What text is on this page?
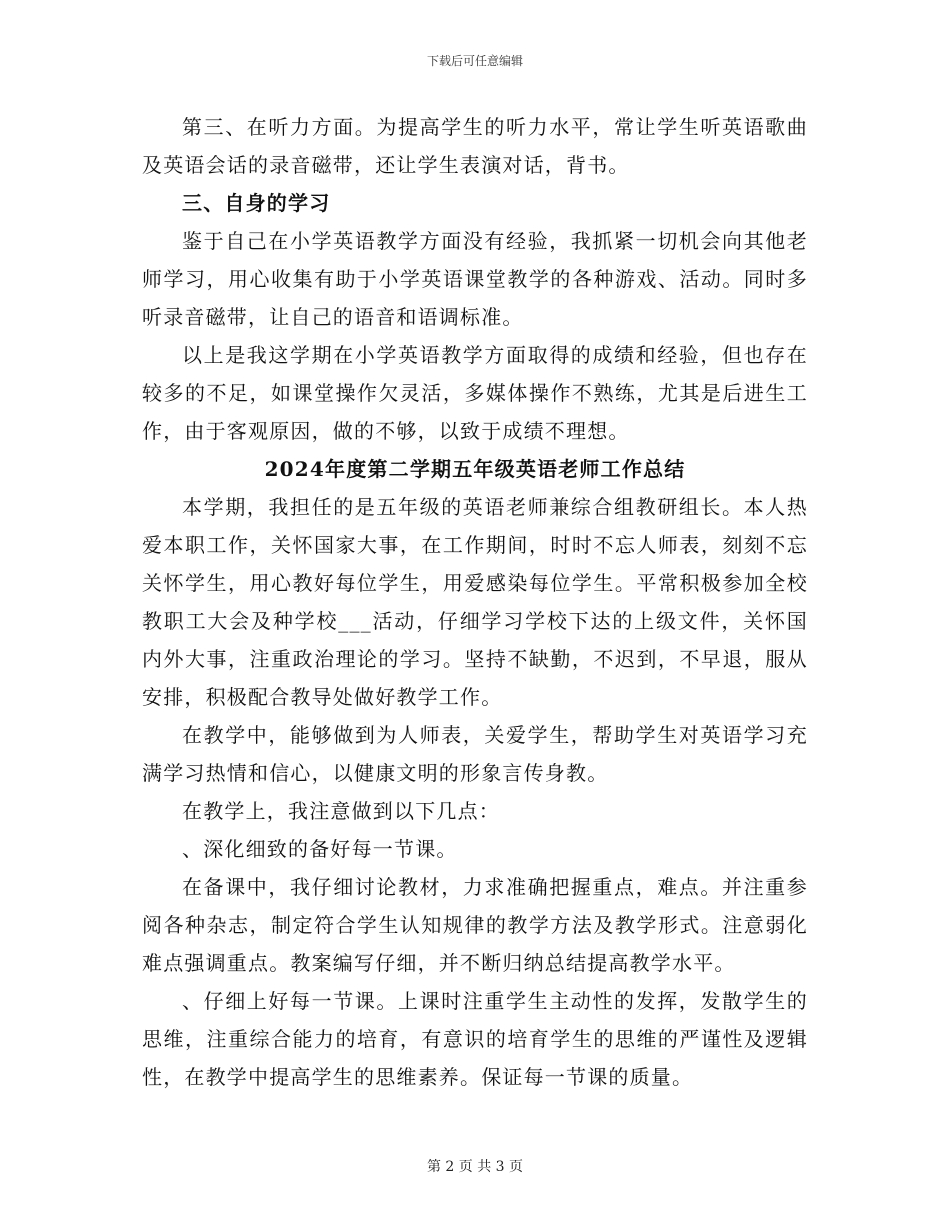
下载后可任意编辑

第三、在听力方面。为提高学生的听力水平，常让学生听英语歌曲及英语会话的录音磁带，还让学生表演对话，背书。

三、自身的学习

鉴于自己在小学英语教学方面没有经验，我抓紧一切机会向其他老师学习，用心收集有助于小学英语课堂教学的各种游戏、活动。同时多听录音磁带，让自己的语音和语调标准。

以上是我这学期在小学英语教学方面取得的成绩和经验，但也存在较多的不足，如课堂操作欠灵活，多媒体操作不熟练，尤其是后进生工作，由于客观原因，做的不够，以致于成绩不理想。

2024年度第二学期五年级英语老师工作总结

本学期，我担任的是五年级的英语老师兼综合组教研组长。本人热爱本职工作，关怀国家大事，在工作期间，时时不忘人师表，刻刻不忘关怀学生，用心教好每位学生，用爱感染每位学生。平常积极参加全校教职工大会及种学校___活动，仔细学习学校下达的上级文件，关怀国内外大事，注重政治理论的学习。坚持不缺勤，不迟到，不早退，服从安排，积极配合教导处做好教学工作。

在教学中，能够做到为人师表，关爱学生，帮助学生对英语学习充满学习热情和信心，以健康文明的形象言传身教。

在教学上，我注意做到以下几点：

、深化细致的备好每一节课。

在备课中，我仔细讨论教材，力求准确把握重点，难点。并注重参阅各种杂志，制定符合学生认知规律的教学方法及教学形式。注意弱化难点强调重点。教案编写仔细，并不断归纳总结提高教学水平。

、仔细上好每一节课。上课时注重学生主动性的发挥，发散学生的思维，注重综合能力的培育，有意识的培育学生的思维的严谨性及逻辑性，在教学中提高学生的思维素养。保证每一节课的质量。

第 2 页 共 3 页
